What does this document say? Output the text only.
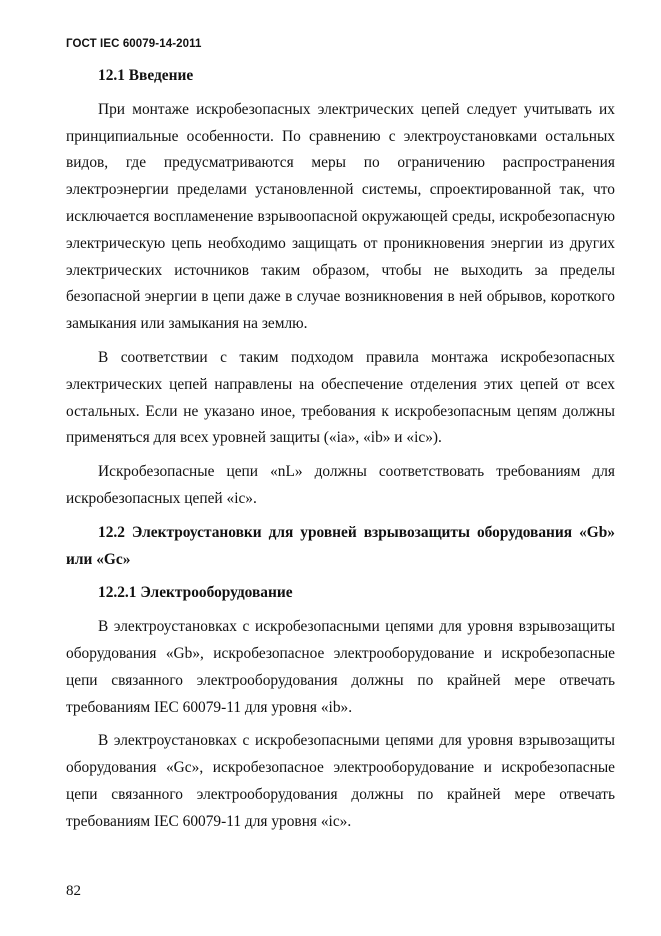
ГОСТ IEC 60079-14-2011

12.1 Введение

При монтаже искробезопасных электрических цепей следует учитывать их принципиальные особенности. По сравнению с электроустановками остальных видов, где предусматриваются меры по ограничению распространения электроэнергии пределами установленной системы, спроектированной так, что исключается воспламенение взрывоопасной окружающей среды, искробезопасную электрическую цепь необходимо защищать от проникновения энергии из других электрических источников таким образом, чтобы не выходить за пределы безопасной энергии в цепи даже в случае возникновения в ней обрывов, короткого замыкания или замыкания на землю.

В соответствии с таким подходом правила монтажа искробезопасных электрических цепей направлены на обеспечение отделения этих цепей от всех остальных. Если не указано иное, требования к искробезопасным цепям должны применяться для всех уровней защиты («ia», «ib» и «ic»).

Искробезопасные цепи «nL» должны соответствовать требованиям для искробезопасных цепей «ic».

12.2 Электроустановки для уровней взрывозащиты оборудования «Gb» или «Gc»

12.2.1 Электрооборудование

В электроустановках с искробезопасными цепями для уровня взрывозащиты оборудования «Gb», искробезопасное электрооборудование и искробезопасные цепи связанного электрооборудования должны по крайней мере отвечать требованиям IEC 60079-11 для уровня «ib».

В электроустановках с искробезопасными цепями для уровня взрывозащиты оборудования «Gc», искробезопасное электрооборудование и искробезопасные цепи связанного электрооборудования должны по крайней мере отвечать требованиям IEC 60079-11 для уровня «ic».

82
